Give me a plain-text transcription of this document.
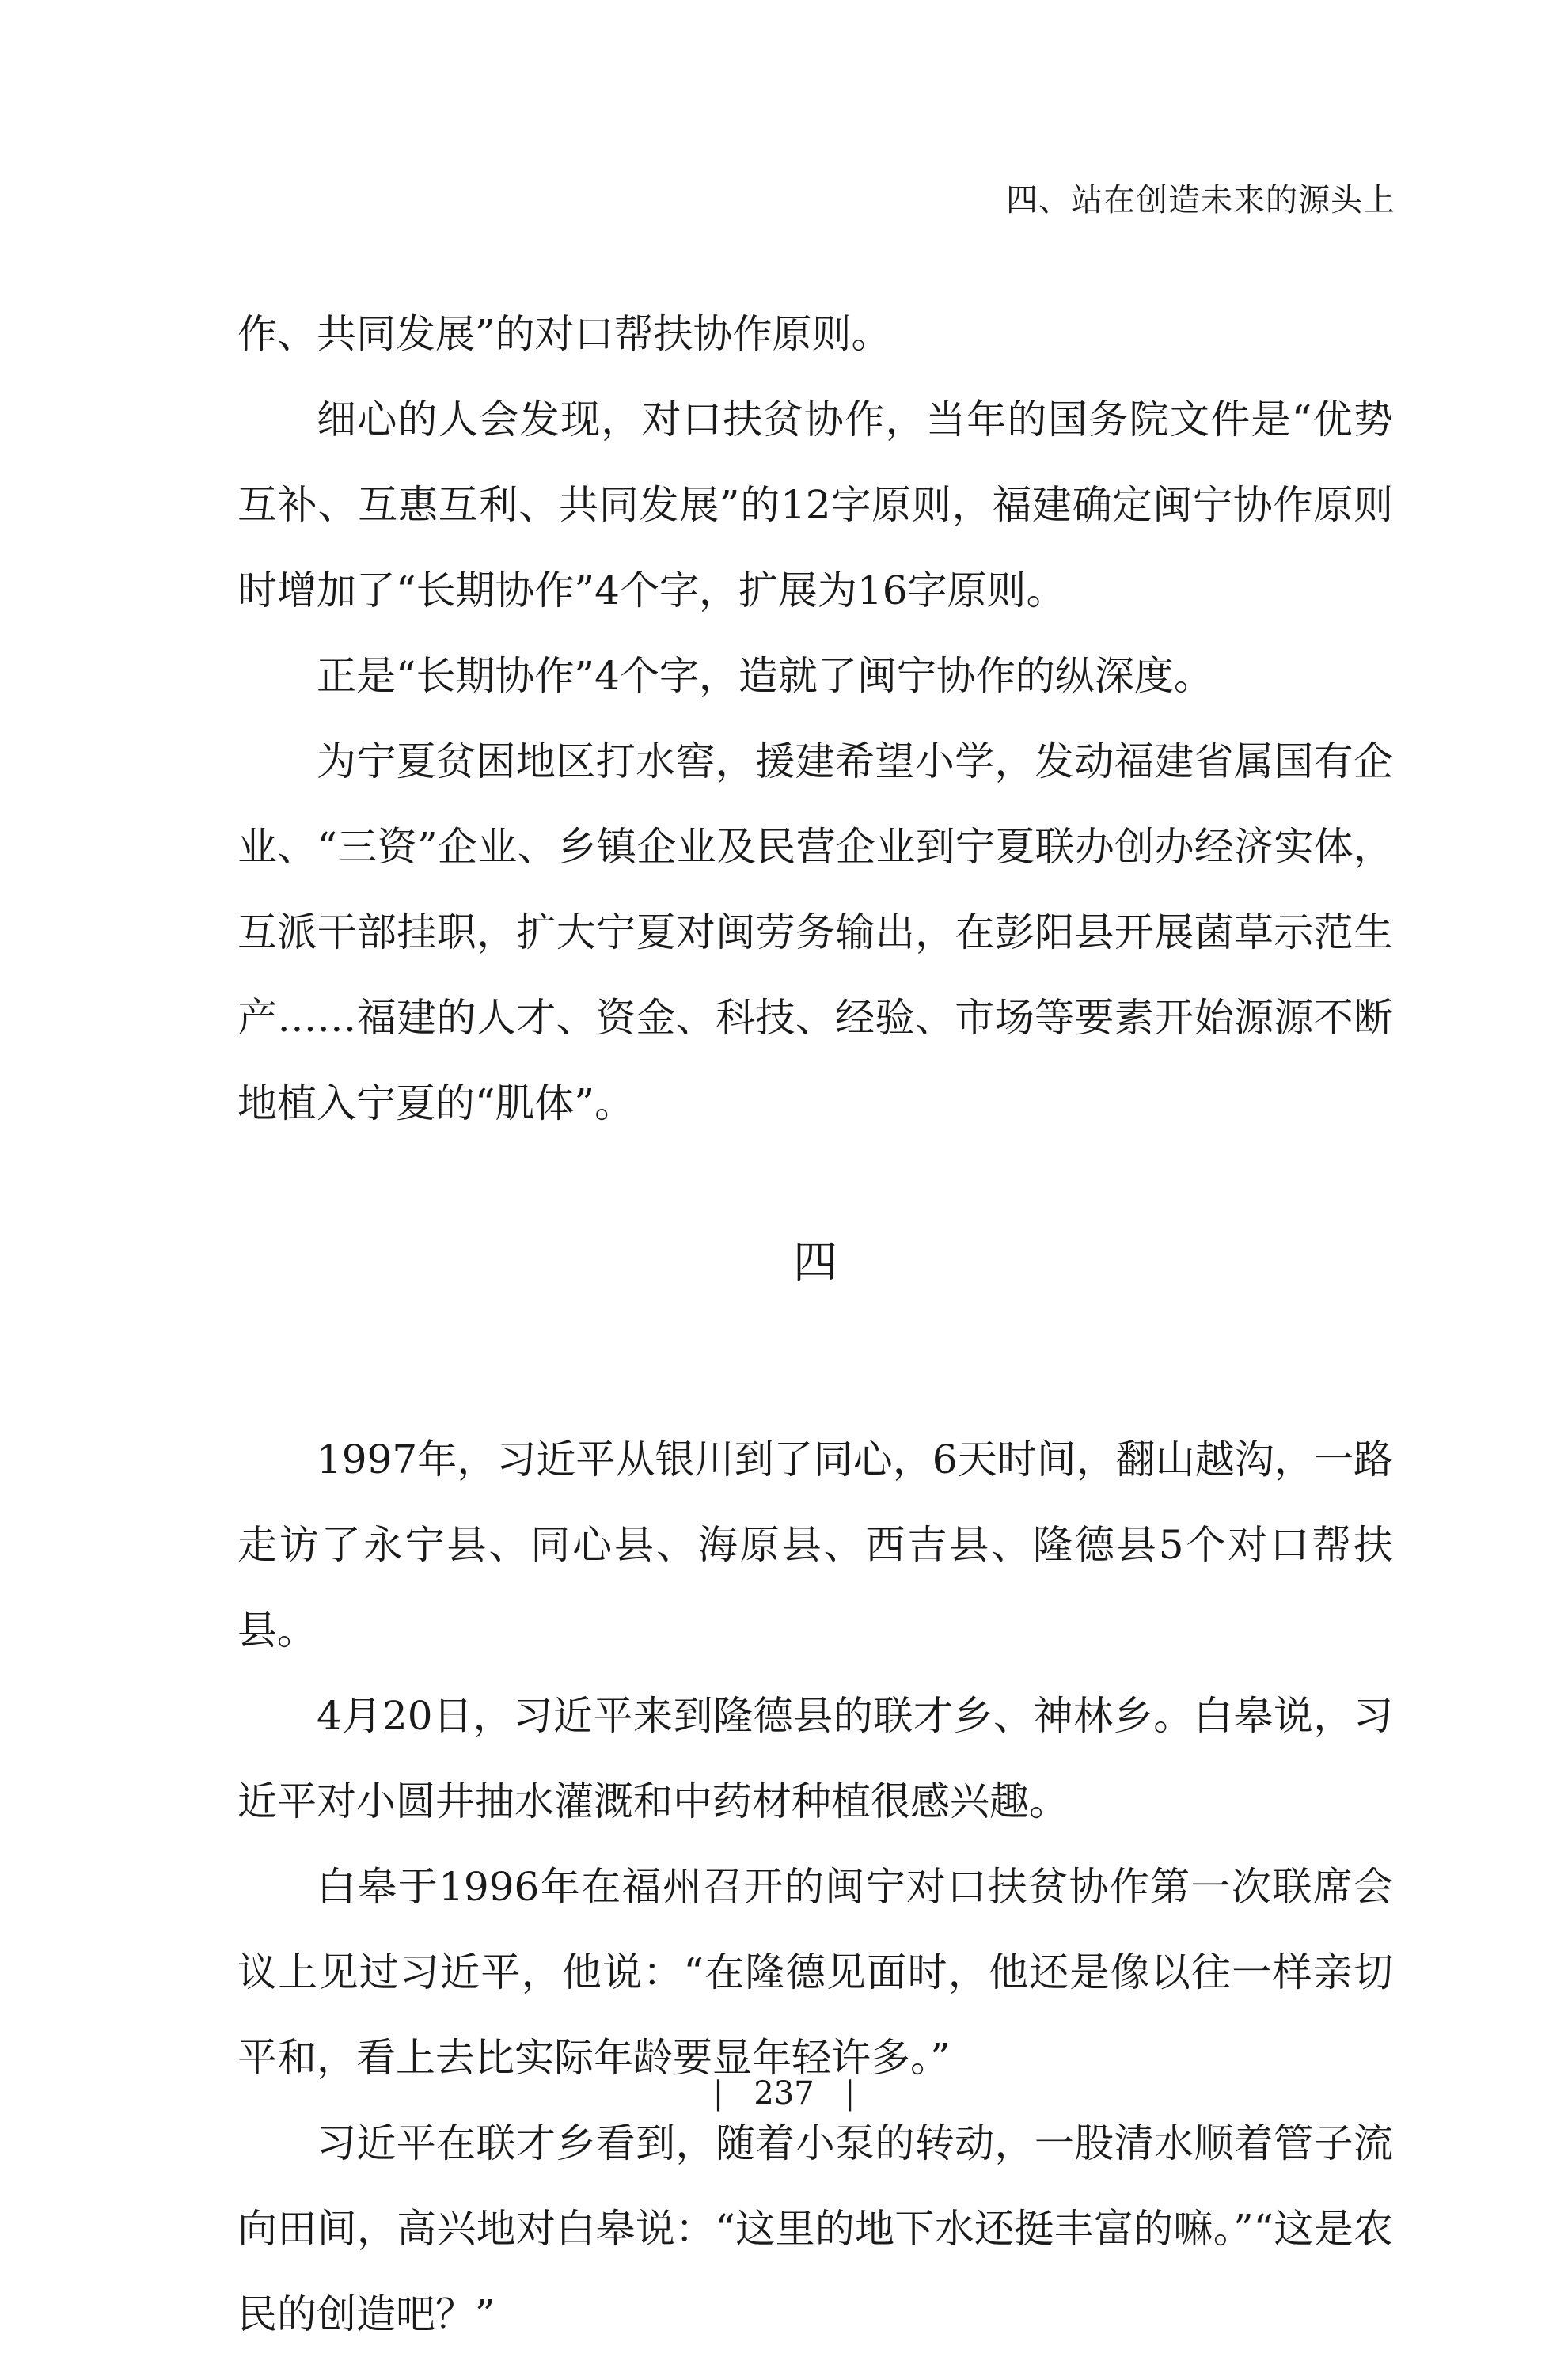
四、站在创造未来的源头上

作、共同发展”的对口帮扶协作原则。

细心的人会发现，对口扶贫协作，当年的国务院文件是“优势互补、互惠互利、共同发展”的12字原则，福建确定闽宁协作原则时增加了“长期协作”4个字，扩展为16字原则。

正是“长期协作”4个字，造就了闽宁协作的纵深度。

为宁夏贫困地区打水窖，援建希望小学，发动福建省属国有企业、“三资”企业、乡镇企业及民营企业到宁夏联办创办经济实体，互派干部挂职，扩大宁夏对闽劳务输出，在彭阳县开展菌草示范生产……福建的人才、资金、科技、经验、市场等要素开始源源不断地植入宁夏的“肌体”。

四

1997年，习近平从银川到了同心，6天时间，翻山越沟，一路走访了永宁县、同心县、海原县、西吉县、隆德县5个对口帮扶县。

4月20日，习近平来到隆德县的联才乡、神林乡。白皋说，习近平对小圆井抽水灌溉和中药材种植很感兴趣。

白皋于1996年在福州召开的闽宁对口扶贫协作第一次联席会议上见过习近平，他说：“在隆德见面时，他还是像以往一样亲切平和，看上去比实际年龄要显年轻许多。”

习近平在联才乡看到，随着小泵的转动，一股清水顺着管子流向田间，高兴地对白皋说：“这里的地下水还挺丰富的嘛。”“这是农民的创造吧？”

|   237   |
